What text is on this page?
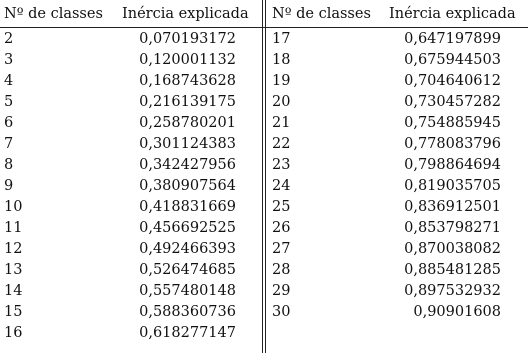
Nº de classes Inércia explicada
2	0,070193172
3	0,120001132
4	0,168743628
5	0,216139175
6	0,258780201
7	0,301124383
8	0,342427956
9	0,380907564
10	0,418831669
11	0,456692525
12	0,492466393
13	0,526474685
14	0,557480148
15	0,588360736
16	0,618277147
Nº de classes Inércia explicada
17	0,647197899
18	0,675944503
19	0,704640612
20	0,730457282
21	0,754885945
22	0,778083796
23	0,798864694
24	0,819035705
25	0,836912501
26	0,853798271
27	0,870038082
28	0,885481285
29	0,897532932
30	0,90901608
